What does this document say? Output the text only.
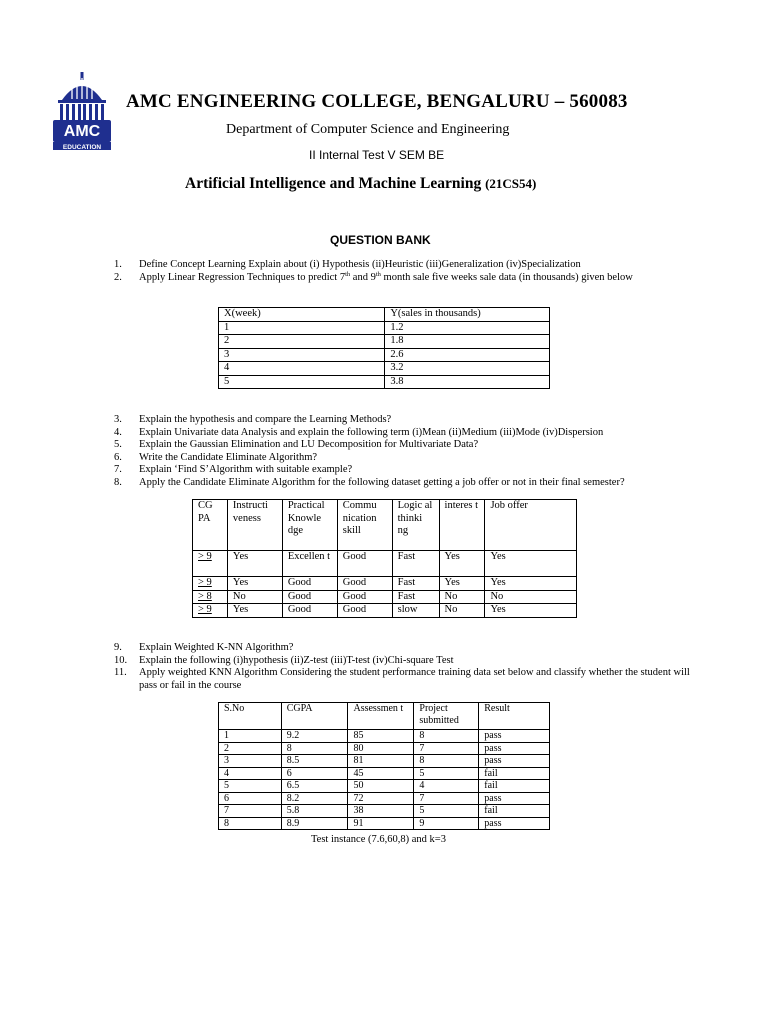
AMC
EDUCATION
AMC ENGINEERING COLLEGE, BENGALURU – 560083
Department of Computer Science and Engineering
II Internal Test V SEM BE
Artificial Intelligence and Machine Learning (21CS54)
QUESTION BANK
1.	Define Concept Learning Explain about (i) Hypothesis (ii)Heuristic (iii)Generalization (iv)Specialization
2.	Apply Linear Regression Techniques to predict 7th and 9th month sale five weeks sale data (in thousands) given below
X(week)	Y(sales in thousands)
1	1.2
2	1.8
3	2.6
4	3.2
5	3.8
3.	Explain the hypothesis and compare the Learning Methods?
4.	Explain Univariate data Analysis and explain the following term (i)Mean (ii)Medium (iii)Mode (iv)Dispersion
5.	Explain the Gaussian Elimination and LU Decomposition for Multivariate Data?
6.	Write the Candidate Eliminate Algorithm?
7.	Explain ‘Find S’Algorithm with suitable example?
8.	Apply the Candidate Eliminate Algorithm for the following dataset getting a job offer or not in their final semester?
CG PA	Instructi veness	Practical Knowle dge	Commu nication skill	Logic al thinki ng	interes t	Job offer
> 9	Yes	Excellen t	Good	Fast	Yes	Yes
> 9	Yes	Good	Good	Fast	Yes	Yes
> 8	No	Good	Good	Fast	No	No
> 9	Yes	Good	Good	slow	No	Yes
9.	Explain Weighted K-NN Algorithm?
10.	Explain the following (i)hypothesis (ii)Z-test (iii)T-test (iv)Chi-square Test
11.	Apply weighted KNN Algorithm Considering the student performance training data set below and classify whether the student will pass or fail in the course
S.No	CGPA	Assessmen t	Project submitted	Result
1	9.2	85	8	pass
2	8	80	7	pass
3	8.5	81	8	pass
4	6	45	5	fail
5	6.5	50	4	fail
6	8.2	72	7	pass
7	5.8	38	5	fail
8	8.9	91	9	pass
Test instance (7.6,60,8) and k=3
